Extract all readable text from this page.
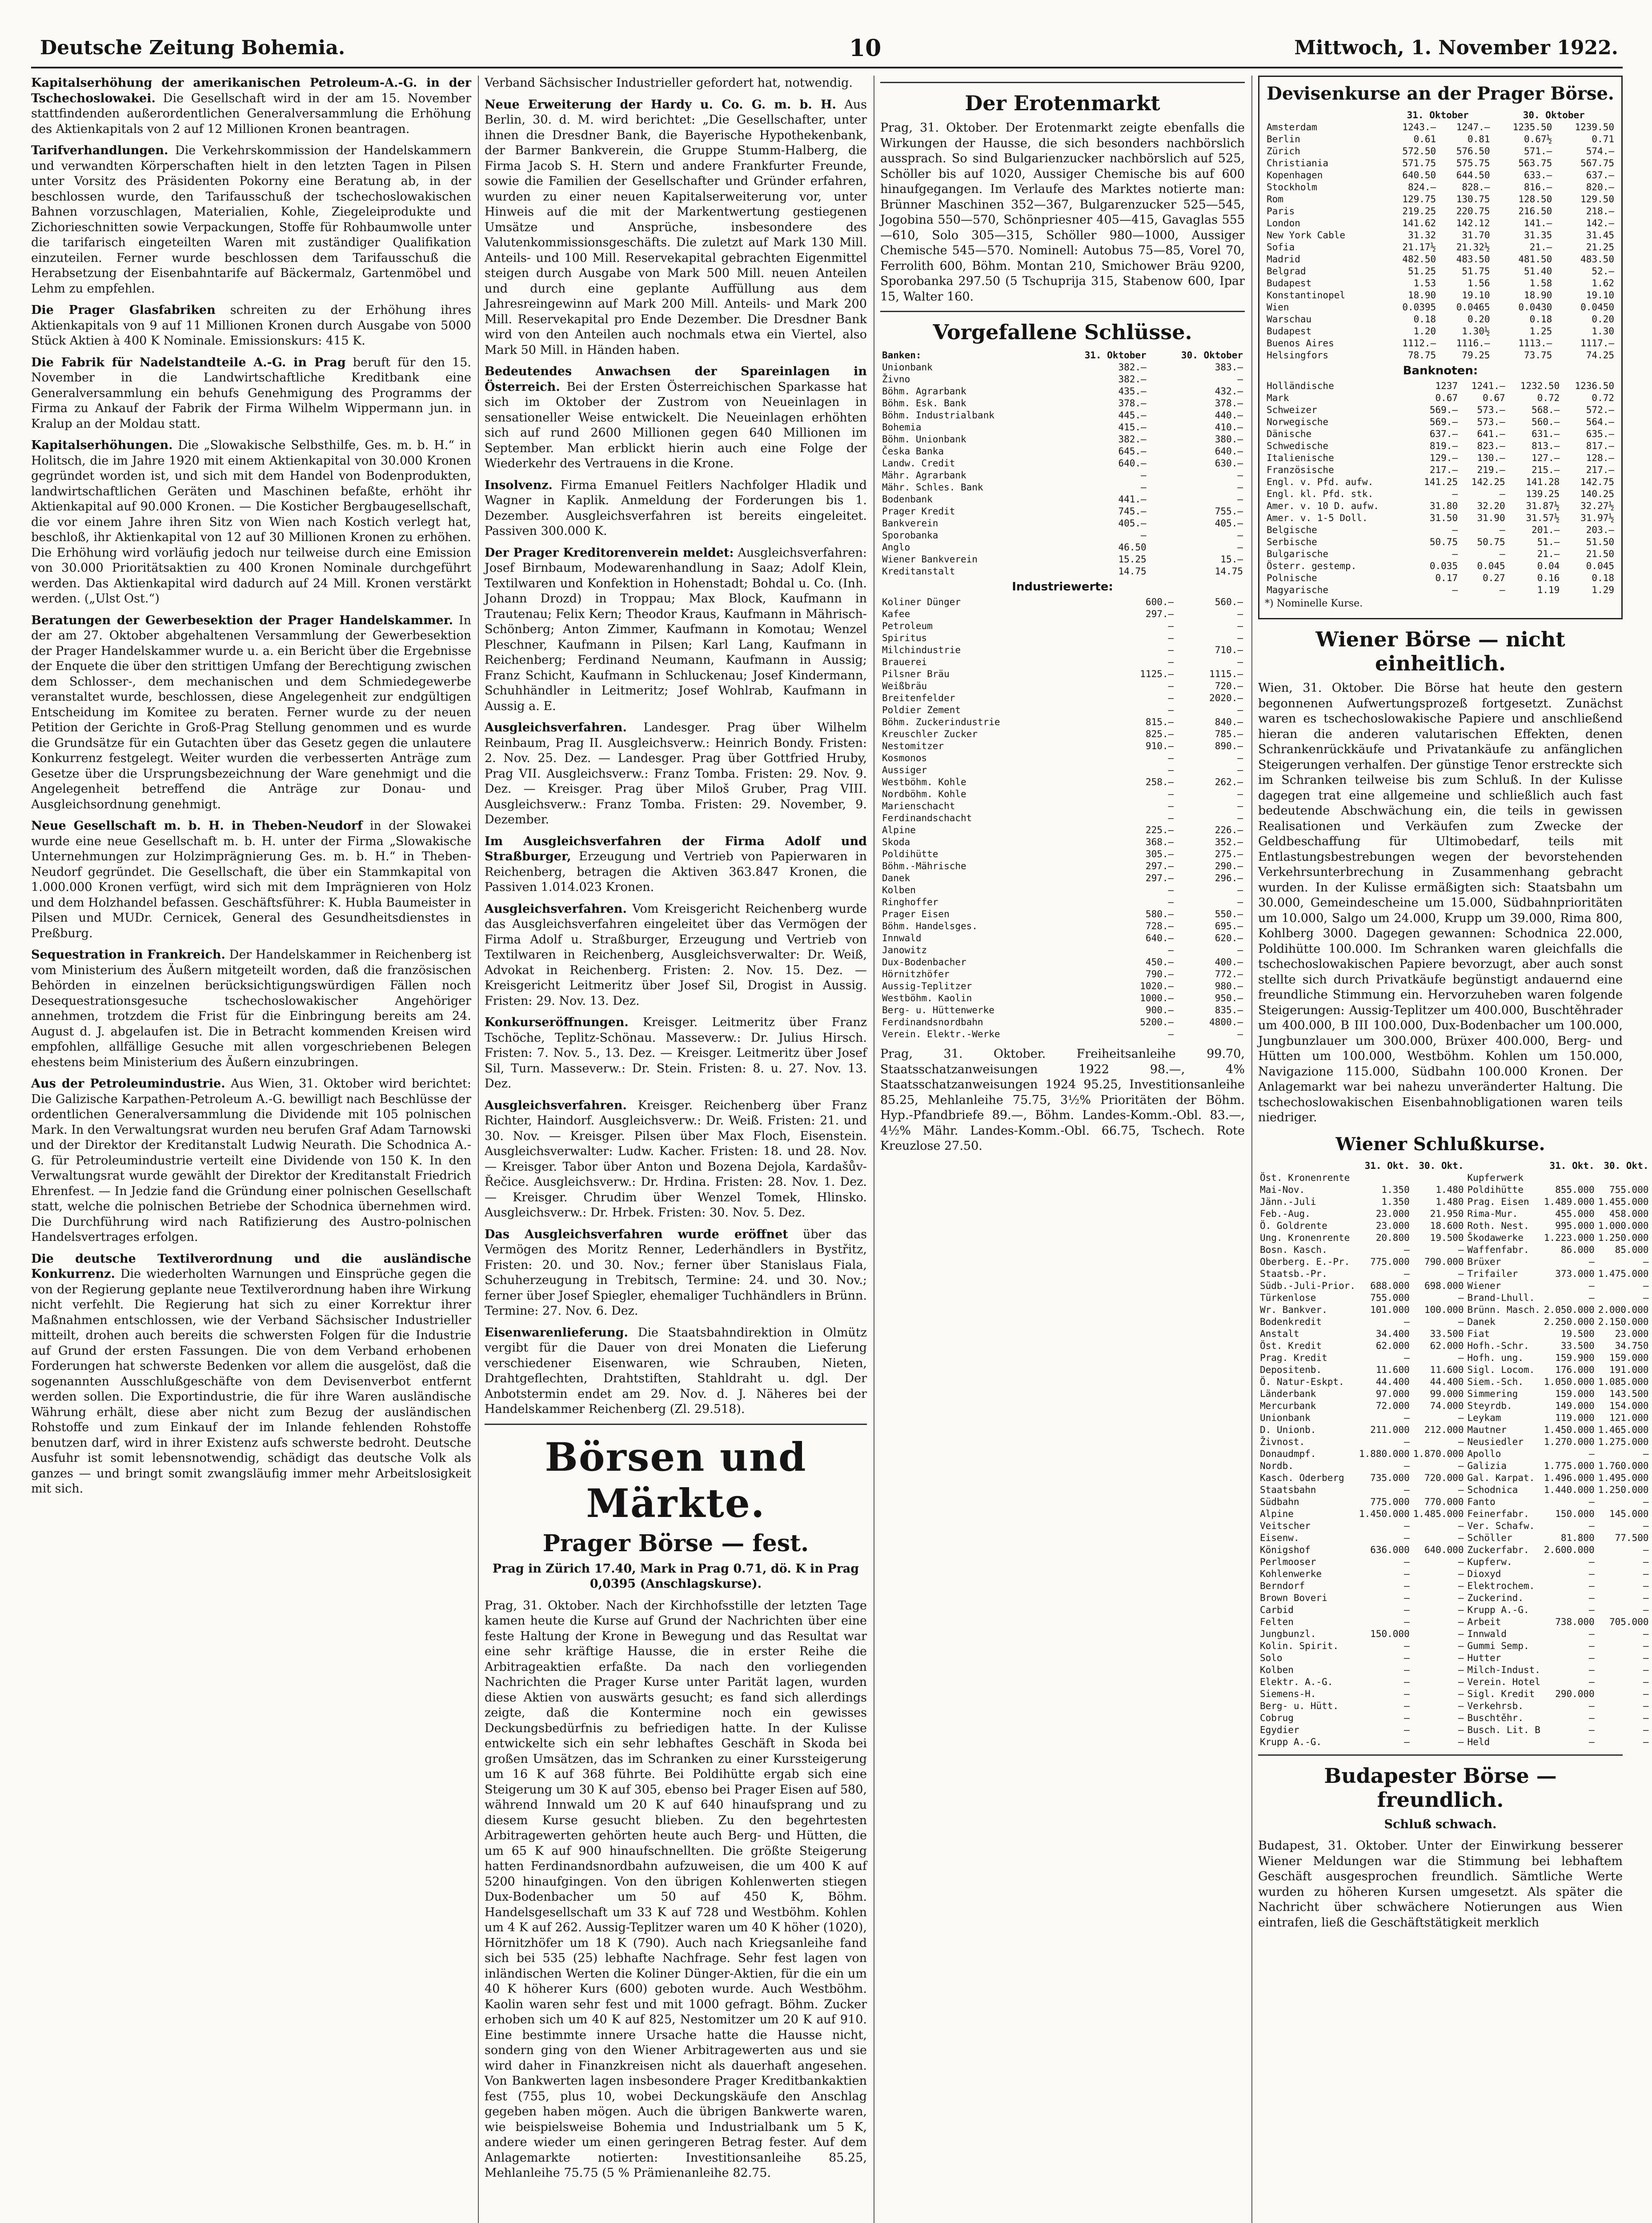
Deutsche Zeitung Bohemia.	10	Mittwoch, 1. November 1922.

Kapitalserhöhung der amerikanischen Petroleum-A.-G. in der Tschechoslowakei. Die Gesellschaft wird in der am 15. November stattfindenden außerordentlichen Generalversammlung die Erhöhung des Aktienkapitals von 2 auf 12 Millionen Kronen beantragen.

Tarifverhandlungen. Die Verkehrskommission der Handelskammern und verwandten Körperschaften hielt in den letzten Tagen in Pilsen unter Vorsitz des Präsidenten Pokorny eine Beratung ab, in der beschlossen wurde, den Tarifausschuß der tschechoslowakischen Bahnen vorzuschlagen, Materialien, Kohle, Ziegeleiprodukte und Zichorieschnitten sowie Verpackungen, Stoffe für Rohbaumwolle unter die tarifarisch eingeteilten Waren mit zuständiger Qualifikation einzuteilen. Ferner wurde beschlossen dem Tarifausschuß die Herabsetzung der Eisenbahntarife auf Bäckermalz, Gartenmöbel und Lehm zu empfehlen.

Die Prager Glasfabriken schreiten zu der Erhöhung ihres Aktienkapitals von 9 auf 11 Millionen Kronen durch Ausgabe von 5000 Stück Aktien à 400 K Nominale. Emissionskurs: 415 K.

Die Fabrik für Nadelstandteile A.-G. in Prag beruft für den 15. November in die Landwirtschaftliche Kreditbank eine Generalversammlung ein behufs Genehmigung des Programms der Firma zu Ankauf der Fabrik der Firma Wilhelm Wippermann jun. in Kralup an der Moldau statt.

Kapitalserhöhungen. Die „Slowakische Selbsthilfe, Ges. m. b. H.“ in Holitsch, die im Jahre 1920 mit einem Aktienkapital von 30.000 Kronen gegründet worden ist, und sich mit dem Handel von Bodenprodukten, landwirtschaftlichen Geräten und Maschinen befaßte, erhöht ihr Aktienkapital auf 90.000 Kronen. — Die Kosticher Bergbaugesellschaft, die vor einem Jahre ihren Sitz von Wien nach Kostich verlegt hat, beschloß, ihr Aktienkapital von 12 auf 30 Millionen Kronen zu erhöhen. Die Erhöhung wird vorläufig jedoch nur teilweise durch eine Emission von 30.000 Prioritätsaktien zu 400 Kronen Nominale durchgeführt werden. Das Aktienkapital wird dadurch auf 24 Mill. Kronen verstärkt werden. („Ulst Ost.“)

Beratungen der Gewerbesektion der Prager Handelskammer. In der am 27. Oktober abgehaltenen Versammlung der Gewerbesektion der Prager Handelskammer wurde u. a. ein Bericht über die Ergebnisse der Enquete die über den strittigen Umfang der Berechtigung zwischen dem Schlosser-, dem mechanischen und dem Schmiedegewerbe veranstaltet wurde, beschlossen, diese Angelegenheit zur endgültigen Entscheidung im Komitee zu beraten. Ferner wurde zu der neuen Petition der Gerichte in Groß-Prag Stellung genommen und es wurde die Grundsätze für ein Gutachten über das Gesetz gegen die unlautere Konkurrenz festgelegt. Weiter wurden die verbesserten Anträge zum Gesetze über die Ursprungsbezeichnung der Ware genehmigt und die Angelegenheit betreffend die Anträge zur Donau- und Ausgleichsordnung genehmigt.

Neue Gesellschaft m. b. H. in Theben-Neudorf in der Slowakei wurde eine neue Gesellschaft m. b. H. unter der Firma „Slowakische Unternehmungen zur Holzimprägnierung Ges. m. b. H.“ in Theben-Neudorf gegründet. Die Gesellschaft, die über ein Stammkapital von 1.000.000 Kronen verfügt, wird sich mit dem Imprägnieren von Holz und dem Holzhandel befassen. Geschäftsführer: K. Hubla Baumeister in Pilsen und MUDr. Cernicek, General des Gesundheitsdienstes in Preßburg.

Sequestration in Frankreich. Der Handelskammer in Reichenberg ist vom Ministerium des Äußern mitgeteilt worden, daß die französischen Behörden in einzelnen berücksichtigungswürdigen Fällen noch Desequestrationsgesuche tschechoslowakischer Angehöriger annehmen, trotzdem die Frist für die Einbringung bereits am 24. August d. J. abgelaufen ist. Die in Betracht kommenden Kreisen wird empfohlen, allfällige Gesuche mit allen vorgeschriebenen Belegen ehestens beim Ministerium des Äußern einzubringen.

Aus der Petroleumindustrie. Aus Wien, 31. Oktober wird berichtet: Die Galizische Karpathen-Petroleum A.-G. bewilligt nach Beschlüsse der ordentlichen Generalversammlung die Dividende mit 105 polnischen Mark. In den Verwaltungsrat wurden neu berufen Graf Adam Tarnowski und der Direktor der Kreditanstalt Ludwig Neurath. Die Schodnica A.-G. für Petroleumindustrie verteilt eine Dividende von 150 K. In den Verwaltungsrat wurde gewählt der Direktor der Kreditanstalt Friedrich Ehrenfest. — In Jedzie fand die Gründung einer polnischen Gesellschaft statt, welche die polnischen Betriebe der Schodnica übernehmen wird. Die Durchführung wird nach Ratifizierung des Austro-polnischen Handelsvertrages erfolgen.

Die deutsche Textilverordnung und die ausländische Konkurrenz. Die wiederholten Warnungen und Einsprüche gegen die von der Regierung geplante neue Textilverordnung haben ihre Wirkung nicht verfehlt. Die Regierung hat sich zu einer Korrektur ihrer Maßnahmen entschlossen, wie der Verband Sächsischer Industrieller mitteilt, drohen auch bereits die schwersten Folgen für die Industrie auf Grund der ersten Fassungen. Die von dem Verband erhobenen Forderungen hat schwerste Bedenken vor allem die ausgelöst, daß die sogenannten Ausschlußgeschäfte von dem Devisenverbot entfernt werden sollen. Die Exportindustrie, die für ihre Waren ausländische Währung erhält, diese aber nicht zum Bezug der ausländischen Rohstoffe und zum Einkauf der im Inlande fehlenden Rohstoffe benutzen darf, wird in ihrer Existenz aufs schwerste bedroht. Deutsche Ausfuhr ist somit lebensnotwendig, schädigt das deutsche Volk als ganzes — und bringt somit zwangsläufig immer mehr Arbeitslosigkeit mit sich.

Verband Sächsischer Industrieller gefordert hat, notwendig.

Neue Erweiterung der Hardy u. Co. G. m. b. H. Aus Berlin, 30. d. M. wird berichtet: „Die Gesellschafter, unter ihnen die Dresdner Bank, die Bayerische Hypothekenbank, der Barmer Bankverein, die Gruppe Stumm-Halberg, die Firma Jacob S. H. Stern und andere Frankfurter Freunde, sowie die Familien der Gesellschafter und Gründer erfahren, wurden zu einer neuen Kapitalserweiterung vor, unter Hinweis auf die mit der Markentwertung gestiegenen Umsätze und Ansprüche, insbesondere des Valutenkommissionsgeschäfts. Die zuletzt auf Mark 130 Mill. Anteils- und 100 Mill. Reservekapital gebrachten Eigenmittel steigen durch Ausgabe von Mark 500 Mill. neuen Anteilen und durch eine geplante Auffüllung aus dem Jahresreingewinn auf Mark 200 Mill. Anteils- und Mark 200 Mill. Reservekapital pro Ende Dezember. Die Dresdner Bank wird von den Anteilen auch nochmals etwa ein Viertel, also Mark 50 Mill. in Händen haben.

Bedeutendes Anwachsen der Spareinlagen in Österreich. Bei der Ersten Österreichischen Sparkasse hat sich im Oktober der Zustrom von Neueinlagen in sensationeller Weise entwickelt. Die Neueinlagen erhöhten sich auf rund 2600 Millionen gegen 640 Millionen im September. Man erblickt hierin auch eine Folge der Wiederkehr des Vertrauens in die Krone.

Insolvenz. Firma Emanuel Feitlers Nachfolger Hladik und Wagner in Kaplik. Anmeldung der Forderungen bis 1. Dezember. Ausgleichsverfahren ist bereits eingeleitet. Passiven 300.000 K.

Der Prager Kreditorenverein meldet: Ausgleichsverfahren: Josef Birnbaum, Modewarenhandlung in Saaz; Adolf Klein, Textilwaren und Konfektion in Hohenstadt; Bohdal u. Co. (Inh. Johann Drozd) in Troppau; Max Block, Kaufmann in Trautenau; Felix Kern; Theodor Kraus, Kaufmann in Mährisch-Schönberg; Anton Zimmer, Kaufmann in Komotau; Wenzel Pleschner, Kaufmann in Pilsen; Karl Lang, Kaufmann in Reichenberg; Ferdinand Neumann, Kaufmann in Aussig; Franz Schicht, Kaufmann in Schluckenau; Josef Kindermann, Schuhhändler in Leitmeritz; Josef Wohlrab, Kaufmann in Aussig a. E.

Ausgleichsverfahren. Landesger. Prag über Wilhelm Reinbaum, Prag II. Ausgleichsverw.: Heinrich Bondy. Fristen: 2. Nov. 25. Dez. — Landesger. Prag über Gottfried Hruby, Prag VII. Ausgleichsverw.: Franz Tomba. Fristen: 29. Nov. 9. Dez. — Kreisger. Prag über Miloš Gruber, Prag VIII. Ausgleichsverw.: Franz Tomba. Fristen: 29. November, 9. Dezember.

Im Ausgleichsverfahren der Firma Adolf und Straßburger, Erzeugung und Vertrieb von Papierwaren in Reichenberg, betragen die Aktiven 363.847 Kronen, die Passiven 1.014.023 Kronen.

Ausgleichsverfahren. Vom Kreisgericht Reichenberg wurde das Ausgleichsverfahren eingeleitet über das Vermögen der Firma Adolf u. Straßburger, Erzeugung und Vertrieb von Textilwaren in Reichenberg, Ausgleichsverwalter: Dr. Weiß, Advokat in Reichenberg. Fristen: 2. Nov. 15. Dez. — Kreisgericht Leitmeritz über Josef Sil, Drogist in Aussig. Fristen: 29. Nov. 13. Dez.

Konkurseröffnungen. Kreisger. Leitmeritz über Franz Tschöche, Teplitz-Schönau. Masseverw.: Dr. Julius Hirsch. Fristen: 7. Nov. 5., 13. Dez. — Kreisger. Leitmeritz über Josef Sil, Turn. Masseverw.: Dr. Stein. Fristen: 8. u. 27. Nov. 13. Dez.

Ausgleichsverfahren. Kreisger. Reichenberg über Franz Richter, Haindorf. Ausgleichsverw.: Dr. Weiß. Fristen: 21. und 30. Nov. — Kreisger. Pilsen über Max Floch, Eisenstein. Ausgleichsverwalter: Ludw. Kacher. Fristen: 18. und 28. Nov. — Kreisger. Tabor über Anton und Bozena Dejola, Kardašův-Řečice. Ausgleichsverw.: Dr. Hrdina. Fristen: 28. Nov. 1. Dez. — Kreisger. Chrudim über Wenzel Tomek, Hlinsko. Ausgleichsverw.: Dr. Hrbek. Fristen: 30. Nov. 5. Dez.

Das Ausgleichsverfahren wurde eröffnet über das Vermögen des Moritz Renner, Lederhändlers in Bystřitz, Fristen: 20. und 30. Nov.; ferner über Stanislaus Fiala, Schuherzeugung in Trebitsch, Termine: 24. und 30. Nov.; ferner über Josef Spiegler, ehemaliger Tuchhändlers in Brünn. Termine: 27. Nov. 6. Dez.

Eisenwarenlieferung. Die Staatsbahndirektion in Olmütz vergibt für die Dauer von drei Monaten die Lieferung verschiedener Eisenwaren, wie Schrauben, Nieten, Drahtgeflechten, Drahtstiften, Stahldraht u. dgl. Der Anbotstermin endet am 29. Nov. d. J. Näheres bei der Handelskammer Reichenberg (Zl. 29.518).

Börsen und Märkte.
Prager Börse — fest.

Prag in Zürich 17.40, Mark in Prag 0.71, dö. K in Prag 0,0395 (Anschlagskurse).

Prag, 31. Oktober. Nach der Kirchhofsstille der letzten Tage kamen heute die Kurse auf Grund der Nachrichten über eine feste Haltung der Krone in Bewegung und das Resultat war eine sehr kräftige Hausse, die in erster Reihe die Arbitrageaktien erfaßte. Da nach den vorliegenden Nachrichten die Prager Kurse unter Parität lagen, wurden diese Aktien von auswärts gesucht; es fand sich allerdings zeigte, daß die Kontermine noch ein gewisses Deckungsbedürfnis zu befriedigen hatte. In der Kulisse entwickelte sich ein sehr lebhaftes Geschäft in Skoda bei großen Umsätzen, das im Schranken zu einer Kurssteigerung um 16 K auf 368 führte. Bei Poldihütte ergab sich eine Steigerung um 30 K auf 305, ebenso bei Prager Eisen auf 580, während Innwald um 20 K auf 640 hinaufsprang und zu diesem Kurse gesucht blieben. Zu den begehrtesten Arbitragewerten gehörten heute auch Berg- und Hütten, die um 65 K auf 900 hinaufschnellten. Die größte Steigerung hatten Ferdinandsnordbahn aufzuweisen, die um 400 K auf 5200 hinaufgingen. Von den übrigen Kohlenwerten stiegen Dux-Bodenbacher um 50 auf 450 K, Böhm. Handelsgesellschaft um 33 K auf 728 und Westböhm. Kohlen um 4 K auf 262. Aussig-Teplitzer waren um 40 K höher (1020), Hörnitzhöfer um 18 K (790). Auch nach Kriegsanleihe fand sich bei 535 (25) lebhafte Nachfrage. Sehr fest lagen von inländischen Werten die Koliner Dünger-Aktien, für die ein um 40 K höherer Kurs (600) geboten wurde. Auch Westböhm. Kaolin waren sehr fest und mit 1000 gefragt. Böhm. Zucker erhoben sich um 40 K auf 825, Nestomitzer um 20 K auf 910. Eine bestimmte innere Ursache hatte die Hausse nicht, sondern ging von den Wiener Arbitragewerten aus und sie wird daher in Finanzkreisen nicht als dauerhaft angesehen. Von Bankwerten lagen insbesondere Prager Kreditbankaktien fest (755, plus 10, wobei Deckungskäufe den Anschlag gegeben haben mögen. Auch die übrigen Bankwerte waren, wie beispielsweise Bohemia und Industrialbank um 5 K, andere wieder um einen geringeren Betrag fester. Auf dem Anlagemarkte notierten: Investitionsanleihe 85.25, Mehlanleihe 75.75 (5 % Prämienanleihe 82.75.

Der Erotenmarkt

Prag, 31. Oktober. Der Erotenmarkt zeigte ebenfalls die Wirkungen der Hausse, die sich besonders nachbörslich aussprach. So sind Bulgarienzucker nachbörslich auf 525, Schöller bis auf 1020, Aussiger Chemische bis auf 600 hinaufgegangen. Im Verlaufe des Marktes notierte man: Brünner Maschinen 352—367, Bulgarenzucker 525—545, Jogobina 550—570, Schönpriesner 405—415, Gavaglas 555—610, Solo 305—315, Schöller 980—1000, Aussiger Chemische 545—570. Nominell: Autobus 75—85, Vorel 70, Ferrolith 600, Böhm. Montan 210, Smichower Bräu 9200, Sporobanka 297.50 (5 Tschuprija 315, Stabenow 600, Ipar 15, Walter 160.

Vorgefallene Schlüsse.
Banken:	31. Oktober	30. Oktober
Unionbank	382.—	383.—
Živno	382.—	—
Böhm. Agrarbank	435.—	432.—
Böhm. Esk. Bank	378.—	378.—
Böhm. Industrialbank	445.—	440.—
Bohemia	415.—	410.—
Böhm. Unionbank	382.—	380.—
Česka Banka	645.—	640.—
Landw. Credit	640.—	630.—
Mähr. Agrarbank	—	—
Mähr. Schles. Bank	—	—
Bodenbank	441.—	—
Prager Kredit	745.—	755.—
Bankverein	405.—	405.—
Sporobanka	—	—
Anglo	46.50	—
Wiener Bankverein	15.25	15.—
Kreditanstalt	14.75	14.75
Industriewerte:
Koliner Dünger	600.—	560.—
Kafee	297.—	—
Petroleum	—	—
Spiritus	—	—
Milchindustrie	—	710.—
Brauerei	—	—
Pilsner Bräu	1125.—	1115.—
Weißbräu	—	720.—
Breitenfelder	—	2020.—
Poldier Zement	—	—
Böhm. Zuckerindustrie	815.—	840.—
Kreuschler Zucker	825.—	785.—
Nestomitzer	910.—	890.—
Kosmonos	—	—
Aussiger	—	—
Westböhm. Kohle	258.—	262.—
Nordböhm. Kohle	—	—
Marienschacht	—	—
Ferdinandschacht	—	—
Alpine	225.—	226.—
Skoda	368.—	352.—
Poldihütte	305.—	275.—
Böhm.-Mährische	297.—	290.—
Danek	297.—	296.—
Kolben	—	—
Ringhoffer	—	—
Prager Eisen	580.—	550.—
Böhm. Handelsges.	728.—	695.—
Innwald	640.—	620.—
Janowitz	—	—
Dux-Bodenbacher	450.—	400.—
Hörnitzhöfer	790.—	772.—
Aussig-Teplitzer	1020.—	980.—
Westböhm. Kaolin	1000.—	950.—
Berg- u. Hüttenwerke	900.—	835.—
Ferdinandsnordbahn	5200.—	4800.—
Verein. Elektr.-Werke	—	—

Prag, 31. Oktober. Freiheitsanleihe 99.70, Staatsschatzanweisungen 1922 98.—, 4% Staatsschatzanweisungen 1924 95.25, Investitionsanleihe 85.25, Mehlanleihe 75.75, 3½% Prioritäten der Böhm. Hyp.-Pfandbriefe 89.—, Böhm. Landes-Komm.-Obl. 83.—, 4½% Mähr. Landes-Komm.-Obl. 66.75, Tschech. Rote Kreuzlose 27.50.

Devisenkurse an der Prager Börse.
	31. Oktober		30. Oktober	
Amsterdam	1243.—	1247.—	1235.50	1239.50
Berlin	0.61	0.81	0.67½	0.71
Zürich	572.50	576.50	571.—	574.—
Christiania	571.75	575.75	563.75	567.75
Kopenhagen	640.50	644.50	633.—	637.—
Stockholm	824.—	828.—	816.—	820.—
Rom	129.75	130.75	128.50	129.50
Paris	219.25	220.75	216.50	218.—
London	141.62	142.12	141.—	142.—
New York Cable	31.32	31.70	31.35	31.45
Sofia	21.17½	21.32½	21.—	21.25
Madrid	482.50	483.50	481.50	483.50
Belgrad	51.25	51.75	51.40	52.—
Budapest	1.53	1.56	1.58	1.62
Konstantinopel	18.90	19.10	18.90	19.10
Wien	0.0395	0.0465	0.0430	0.0450
Warschau	0.18	0.20	0.18	0.20
Budapest	1.20	1.30½	1.25	1.30
Buenos Aires	1112.—	1116.—	1113.—	1117.—
Helsingfors	78.75	79.25	73.75	74.25
Banknoten:
Holländische	1237	1241.—	1232.50	1236.50
Mark	0.67	0.67	0.72	0.72
Schweizer	569.—	573.—	568.—	572.—
Norwegische	569.—	573.—	560.—	564.—
Dänische	637.—	641.—	631.—	635.—
Schwedische	819.—	823.—	813.—	817.—
Italienische	129.—	130.—	127.—	128.—
Französische	217.—	219.—	215.—	217.—
Engl. v. Pfd. aufw.	141.25	142.25	141.28	142.75
Engl. kl. Pfd. stk.	—	—	139.25	140.25
Amer. v. 10 D. aufw.	31.80	32.20	31.87½	32.27½
Amer. v. 1-5 Doll.	31.50	31.90	31.57½	31.97½
Belgische	—	—	201.—	203.—
Serbische	50.75	50.75	51.—	51.50
Bulgarische	—	—	21.—	21.50
Österr. gestemp.	0.035	0.045	0.04	0.045
Polnische	0.17	0.27	0.16	0.18
Magyarische	—	—	1.19	1.29
*) Nominelle Kurse.
Wiener Börse — nicht einheitlich.

Wien, 31. Oktober. Die Börse hat heute den gestern begonnenen Aufwertungsprozeß fortgesetzt. Zunächst waren es tschechoslowakische Papiere und anschließend hieran die anderen valutarischen Effekten, denen Schrankenrückkäufe und Privatankäufe zu anfänglichen Steigerungen verhalfen. Der günstige Tenor erstreckte sich im Schranken teilweise bis zum Schluß. In der Kulisse dagegen trat eine allgemeine und schließlich auch fast bedeutende Abschwächung ein, die teils in gewissen Realisationen und Verkäufen zum Zwecke der Geldbeschaffung für Ultimobedarf, teils mit Entlastungsbestrebungen wegen der bevorstehenden Verkehrsunterbrechung in Zusammenhang gebracht wurden. In der Kulisse ermäßigten sich: Staatsbahn um 30.000, Gemeindescheine um 15.000, Südbahnprioritäten um 10.000, Salgo um 24.000, Krupp um 39.000, Rima 800, Kohlberg 3000. Dagegen gewannen: Schodnica 22.000, Poldihütte 100.000. Im Schranken waren gleichfalls die tschechoslowakischen Papiere bevorzugt, aber auch sonst stellte sich durch Privatkäufe begünstigt andauernd eine freundliche Stimmung ein. Hervorzuheben waren folgende Steigerungen: Aussig-Teplitzer um 400.000, Buschtěhrader um 400.000, B III 100.000, Dux-Bodenbacher um 100.000, Jungbunzlauer um 300.000, Brüxer 400.000, Berg- und Hütten um 100.000, Westböhm. Kohlen um 150.000, Navigazione 115.000, Südbahn 100.000 Kronen. Der Anlagemarkt war bei nahezu unveränderter Haltung. Die tschechoslowakischen Eisenbahnobligationen waren teils niedriger.

Wiener Schlußkurse.
	31. Okt.	30. Okt.		31. Okt.	30. Okt.
Öst. Kronenrente			Kupferwerk		
Mai-Nov.	1.350	1.480	Poldihütte	855.000	755.000
Jänn.-Juli	1.350	1.480	Prag. Eisen	1.489.000	1.455.000
Feb.-Aug.	23.000	21.950	Rima-Mur.	455.000	458.000
Ö. Goldrente	23.000	18.600	Roth. Nest.	995.000	1.000.000
Ung. Kronenrente	20.800	19.500	Škodawerke	1.223.000	1.250.000
Bosn. Kasch.	—	—	Waffenfabr.	86.000	85.000
Oberberg. E.-Pr.	775.000	790.000	Brüxer	—	—
Staatsb.-Pr.	—	—	Trifailer	373.000	1.475.000
Südb.-Juli-Prior.	688.000	698.000	Wiener	—	—
Türkenlose	755.000	—	Brand-Lhull.	—	—
Wr. Bankver.	101.000	100.000	Brünn. Masch.	2.050.000	2.000.000
Bodenkredit	—	—	Danek	2.250.000	2.150.000
Anstalt	34.400	33.500	Fiat	19.500	23.000
Öst. Kredit	62.000	62.000	Hofh.-Schr.	33.500	34.750
Prag. Kredit	—	—	Hofh. ung.	159.900	159.000
Depositenb.	11.600	11.600	Sigl. Locom.	176.000	191.000
Ö. Natur-Eskpt.	44.400	44.400	Siem.-Sch.	1.050.000	1.085.000
Länderbank	97.000	99.000	Simmering	159.000	143.500
Mercurbank	72.000	74.000	Steyrdb.	149.000	154.000
Unionbank	—	—	Leykam	119.000	121.000
D. Unionb.	211.000	212.000	Mautner	1.450.000	1.465.000
Živnost.	—	—	Neusiedler	1.270.000	1.275.000
Donaudmpf.	1.880.000	1.870.000	Apollo	—	—
Nordb.	—	—	Galizia	1.775.000	1.760.000
Kasch. Oderberg	735.000	720.000	Gal. Karpat.	1.496.000	1.495.000
Staatsbahn	—	—	Schodnica	1.440.000	1.250.000
Südbahn	775.000	770.000	Fanto	—	—
Alpine	1.450.000	1.485.000	Feinerfabr.	150.000	145.000
Veitscher	—	—	Ver. Schafw.	—	—
Eisenw.	—	—	Schöller	81.800	77.500
Königshof	636.000	640.000	Zuckerfabr.	2.600.000	—
Perlmooser	—	—	Kupferw.	—	—
Kohlenwerke	—	—	Dioxyd	—	—
Berndorf	—	—	Elektrochem.	—	—
Brown Boveri	—	—	Zuckerind.	—	—
Carbid	—	—	Krupp A.-G.	—	—
Felten	—	—	Arbeit	738.000	705.000
Jungbunzl.	150.000	—	Innwald	—	—
Kolin. Spirit.	—	—	Gummi Semp.	—	—
Solo	—	—	Hutter	—	—
Kolben	—	—	Milch-Indust.	—	—
Elektr. A.-G.	—	—	Verein. Hotel	—	—
Siemens-H.	—	—	Sigl. Kredit	290.000	—
Berg- u. Hütt.	—	—	Verkehrsb.	—	—
Cobrug	—	—	Buschtěhr.	—	—
Egydier	—	—	Busch. Lit. B	—	—
Krupp A.-G.	—	—	Held	—	—
Budapester Börse — freundlich.

Schluß schwach.

Budapest, 31. Oktober. Unter der Einwirkung besserer Wiener Meldungen war die Stimmung bei lebhaftem Geschäft ausgesprochen freundlich. Sämtliche Werte wurden zu höheren Kursen umgesetzt. Als später die Nachricht über schwächere Notierungen aus Wien eintrafen, ließ die Geschäftstätigkeit merklich
